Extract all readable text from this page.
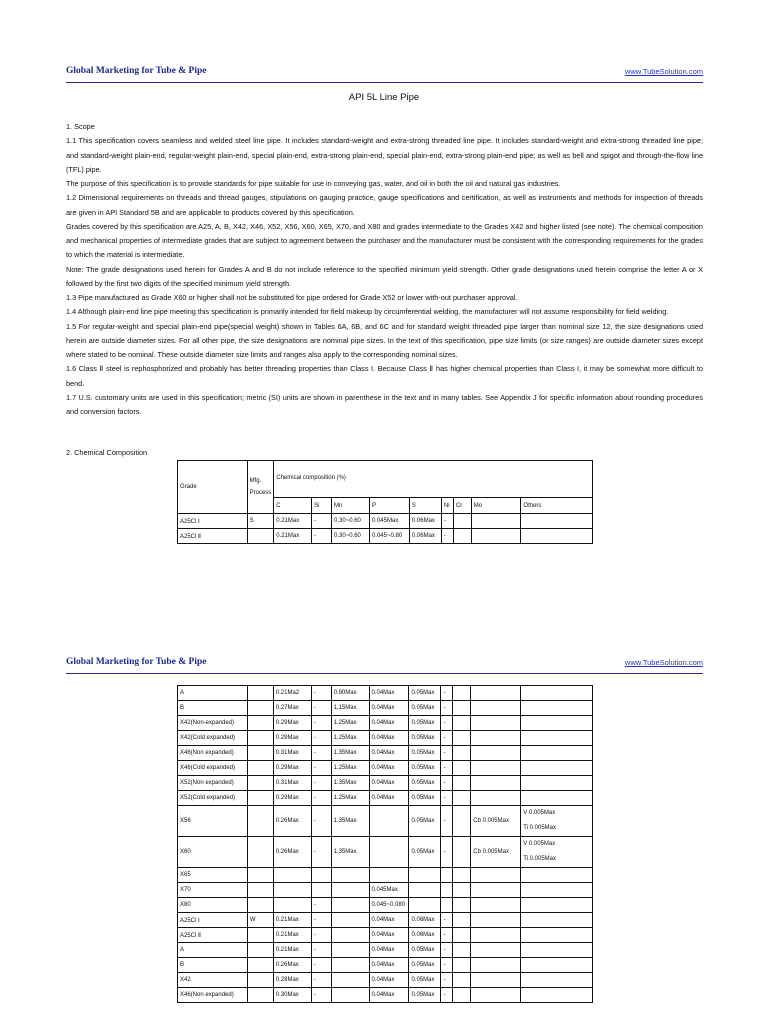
Global Marketing for Tube & Pipe	www.TubeSolution.com
API 5L Line Pipe

1. Scope

1.1 This specification covers seamless and welded steel line pipe. It includes standard-weight and extra-strong threaded line pipe. It includes standard-weight and extra-strong threaded line pipe; and standard-weight plain-end, regular-weight plain-end, special plain-end, extra-strong plain-end, special plain-end, extra-strong plain-end pipe; as well as bell and spigot and through-the-flow line (TFL) pipe.

The purpose of this specification is to provide standards for pipe suitable for use in conveying gas, water, and oil in both the oil and natural gas industries.

1.2 Dimensional requirements on threads and thread gauges, stipulations on gauging practice, gauge specifications and certification, as well as instruments and methods for inspection of threads are given in API Standard 5B and are applicable to products covered by this specification.

Grades covered by this specification are A25, A, B, X42, X46, X52, X56, X60, X65, X70, and X80 and grades intermediate to the Grades X42 and higher listed (see note). The chemical composition and mechanical properties of intermediate grades that are subject to agreement between the purchaser and the manufacturer must be consistent with the corresponding requirements for the grades to which the material is intermediate.

Note: The grade designations used herein for Grades A and B do not include reference to the specified minimum yield strength. Other grade designations used herein comprise the letter A or X followed by the first two digits of the specified minimum yield strength.

1.3 Pipe manufactured as Grade X60 or higher shall not be substituted for pipe ordered for Grade X52 or lower with-out purchaser approval.

1.4 Although plain-end line pipe meeting this specification is primarily intended for field makeup by circumferential welding, the manufacturer will not assume responsibility for field welding.

1.5 For regular-weight and special plain-end pipe(special weight) shown in Tables 6A, 6B, and 6C and for standard weight threaded pipe larger than nominal size 12, the size designations used herein are outside diameter sizes. For all other pipe, the size designations are nominal pipe sizes. In the text of this specification, pipe size limits (or size ranges) are outside diameter sizes except where stated to be nominal. These outside diameter size limits and ranges also apply to the corresponding nominal sizes.

1.6 Class Ⅱ steel is rephosphorized and probably has better threading properties than Class I. Because Class Ⅱ has higher chemical properties than Class I, it may be somewhat more difficult to bend.

1.7 U.S. customary units are used in this specification; metric (SI) units are shown in parenthese in the text and in many tables. See Appendix J for specific information about rounding procedures and conversion factors.

2. Chemical Composition
Grade	Mfg. Process	Chemical composition (%)								
		C	Si	Mn	P	S	Ni	Cr	Mo	Others
A25Cl Ⅰ	S	0.21Max	-	0.30~0.60	0.045Max	0.06Max	-			
A25Cl Ⅱ		0.21Max	-	0.30~0.60	0.045~0.80	0.06Max	-			
Global Marketing for Tube & Pipe	www.TubeSolution.com
A		0.21Ma2	-	0.90Max	0.04Max	0.05Max	-			
B		0.27Max	-	1.15Max	0.04Max	0.05Max	-			
X42(Non-expanded)		0.29Max	-	1.25Max	0.04Max	0.05Max	-			
X42(Cold expanded)		0.29Max	-	1.25Max	0.04Max	0.05Max	-			
X46(Non expanded)		0.31Max	-	1.35Max	0.04Max	0.05Max	-			
X46(Cold expanded)		0.29Max	-	1.25Max	0.04Max	0.05Max	-			
X52(Non expanded)		0.31Max	-	1.35Max	0.04Max	0.05Max	-			
X52(Cold expanded)		0.29Max	-	1.25Max	0.04Max	0.05Max	-			
X56		0.26Max	-	1.35Max		0.05Max	-		Cb 0.005Max	V 0.005Max
Ti 0.005Max

X60		0.26Max	-	1.35Max		0.05Max	-		Cb 0.005Max	V 0.005Max
Ti 0.005Max

X65										
X70					0.045Max					
X80			-		0.045~0.080					
A25Cl Ⅰ	W	0.21Max	-		0.04Max	0.06Max	-			
A25Cl Ⅱ		0.21Max	-		0.04Max	0.06Max	-			
A		0.21Max	-		0.04Max	0.05Max	-			
B		0.26Max	-		0.04Max	0.05Max	-			
X42		0.28Max	-		0.04Max	0.05Max	-			
X46(Non expanded)		0.30Max	-		0.04Max	0.05Max	-			
